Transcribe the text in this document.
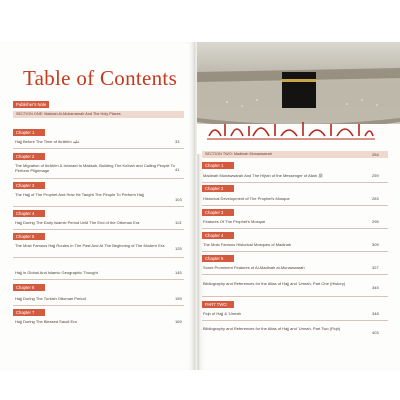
Table of Contents
Publisher's Note
SECTION ONE: Makkah Al-Mukarramah And The Holy Places
Chapter 1
Hajj Before The Time of Ibrāhīm عليه	33
Chapter 2
The Migration of Ibrāhīm & Ishmael to Makkah, Building The Ka'bah and Calling People To Perform Pilgrimage	41
Chapter 3
The Hajj of The Prophet And How He Taught The People To Perform Hajj
103
Chapter 4
Hajj During The Early Islamic Period Until The End of the Ottoman Era	113
Chapter 5
The Most Famous Hajj Routes In The Past And At The Beginning of The Modern Era
125
Hajj in Global And Islamic Geographic Thought	145
Chapter 6
Hajj During The Turkish Ottoman Period	159
Chapter 7
Hajj During The Blessed Saudi Era	169
SECTION TWO: Madinah Munawwarah	254
Chapter 1
Madinah Munawwarah And The Hijrah of the Messenger of Allah ﷺ	259
Chapter 2
Historical Development of The Prophet's Mosque	283
Chapter 3
Features Of The Prophet's Mosque	295
Chapter 4
The Most Famous Historical Mosques of Madinah	309
Chapter 5
Some Prominent Features of Al-Madinah al-Munawwarah	327
Bibliography and References for the Atlas of Hajj and 'Umrah, Part One (History)
345
PART TWO:
Fiqh of Hajj & 'Umrah	348
Bibliography and References for the Atlas of Hajj and 'Umrah, Part Two (Fiqh)
403
